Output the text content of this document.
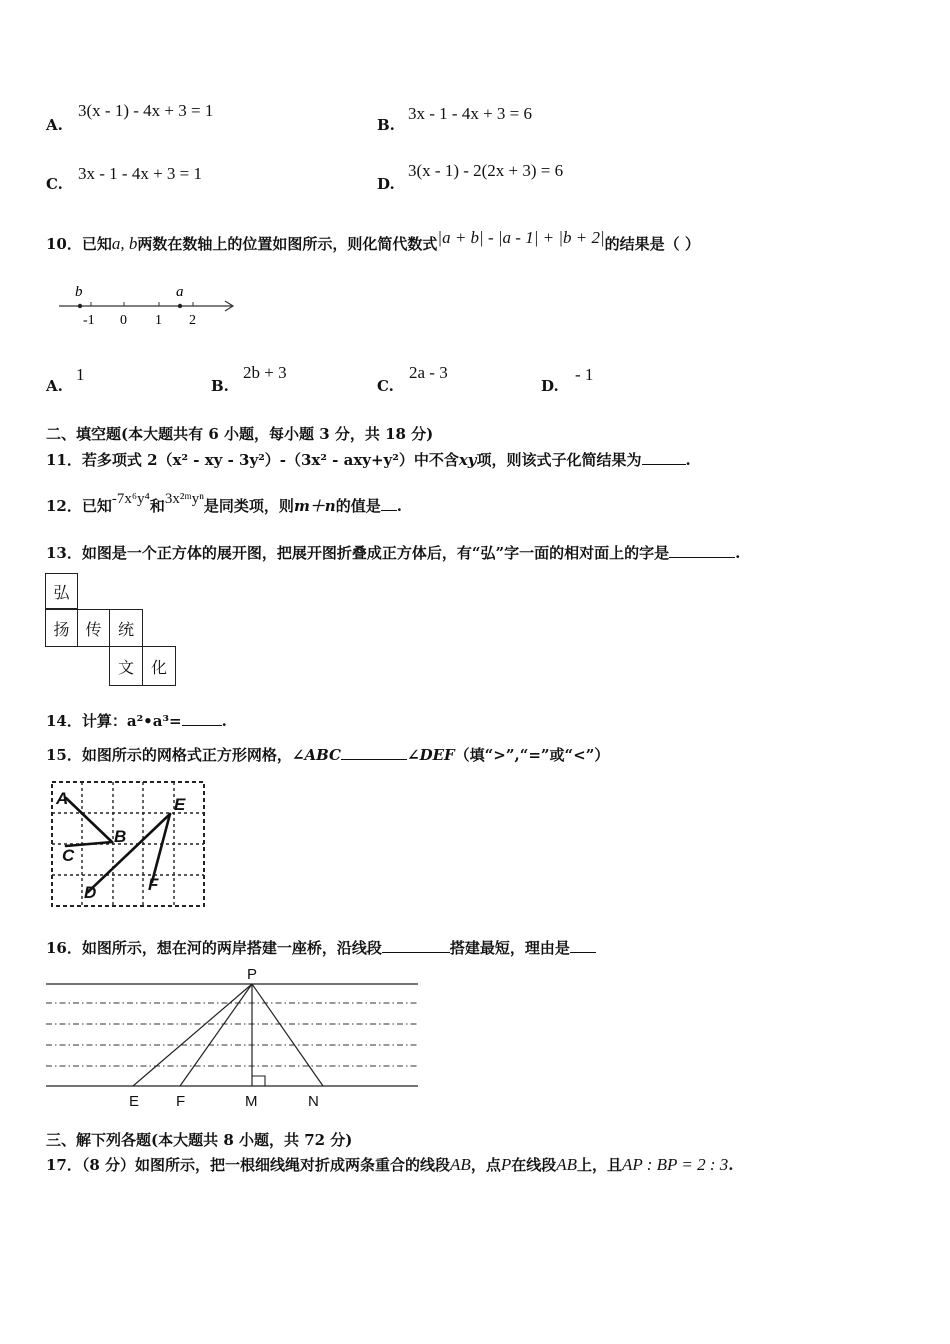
A.
3(x - 1) - 4x + 3 = 1
B.
3x - 1 - 4x + 3 = 6
C.
3x - 1 - 4x + 3 = 1
D.
3(x - 1) - 2(2x + 3) = 6
10．已知a, b两数在数轴上的位置如图所示，则化简代数式|a + b| - |a - 1| + |b + 2|的结果是（ ）
b	a
-1 0 1 2
A.
1
B.
2b + 3
C.
2a - 3
D.
- 1
二、填空题(本大题共有 6 小题，每小题 3 分，共 18 分)
11．若多项式 2（x² - xy - 3y²）-（3x² - axy+y²）中不含xy项，则该式子化简结果为	.
12．已知-7x⁶y⁴和3x²ᵐyⁿ是同类项，则m＋n的值是 .
13．如图是一个正方体的展开图，把展开图折叠成正方体后，有“弘”字一面的相对面上的字是	.
弘
扬 传	统
文	化
14．计算：a²•a³=	.
15．如图所示的网格式正方形网格，∠ABC	∠DEF（填“>”,“=”或“<”）
A
B
C
D
E
F
16．如图所示，想在河的两岸搭建一座桥，沿线段	搭建最短，理由是
P
E F	M	N
三、解下列各题(本大题共 8 小题，共 72 分)
17．（8 分）如图所示，把一根细线绳对折成两条重合的线段AB，点P在线段AB上，且AP : BP = 2 : 3.
